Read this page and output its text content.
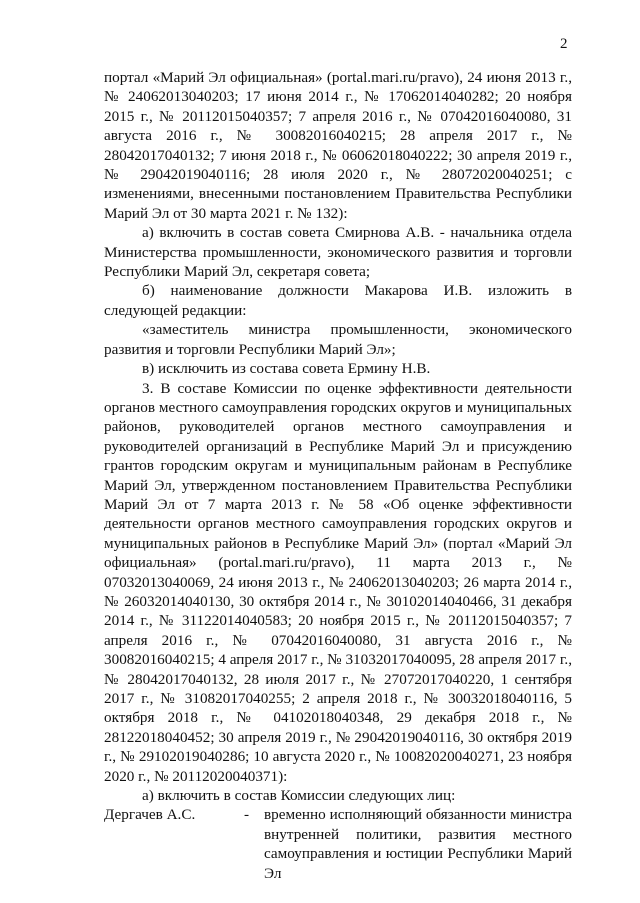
2

портал «Марий Эл официальная» (portal.mari.ru/pravo), 24 июня 2013 г., № 24062013040203; 17 июня 2014 г., № 17062014040282; 20 ноября 2015 г., № 20112015040357; 7 апреля 2016 г., № 07042016040080, 31 августа 2016 г., № 30082016040215; 28 апреля 2017 г., № 28042017040132; 7 июня 2018 г., № 06062018040222; 30 апреля 2019 г., № 29042019040116; 28 июля 2020 г., № 28072020040251; с изменениями, внесенными постановлением Правительства Республики Марий Эл от 30 марта 2021 г. № 132):

а) включить в состав совета Смирнова А.В. - начальника отдела Министерства промышленности, экономического развития и торговли Республики Марий Эл, секретаря совета;

б) наименование должности Макарова И.В. изложить в следующей редакции:

«заместитель министра промышленности, экономического развития и торговли Республики Марий Эл»;

в) исключить из состава совета Ермину Н.В.

3. В составе Комиссии по оценке эффективности деятельности органов местного самоуправления городских округов и муниципальных районов, руководителей органов местного самоуправления и руководителей организаций в Республике Марий Эл и присуждению грантов городским округам и муниципальным районам в Республике Марий Эл, утвержденном постановлением Правительства Республики Марий Эл от 7 марта 2013 г. № 58 «Об оценке эффективности деятельности органов местного самоуправления городских округов и муниципальных районов в Республике Марий Эл» (портал «Марий Эл официальная» (portal.mari.ru/pravo), 11 марта 2013 г., № 07032013040069, 24 июня 2013 г., № 24062013040203; 26 марта 2014 г., № 26032014040130, 30 октября 2014 г., № 30102014040466, 31 декабря 2014 г., № 31122014040583; 20 ноября 2015 г., № 20112015040357; 7 апреля 2016 г., № 07042016040080, 31 августа 2016 г., № 30082016040215; 4 апреля 2017 г., № 31032017040095, 28 апреля 2017 г., № 28042017040132, 28 июля 2017 г., № 27072017040220, 1 сентября 2017 г., № 31082017040255; 2 апреля 2018 г., № 30032018040116, 5 октября 2018 г., № 04102018040348, 29 декабря 2018 г., № 28122018040452; 30 апреля 2019 г., № 29042019040116, 30 октября 2019 г., № 29102019040286; 10 августа 2020 г., № 10082020040271, 23 ноября 2020 г., № 20112020040371):

а) включить в состав Комиссии следующих лиц:

Дергачев А.С.	- временно исполняющий обязанности министра внутренней политики, развития местного самоуправления и юстиции Республики Марий Эл
